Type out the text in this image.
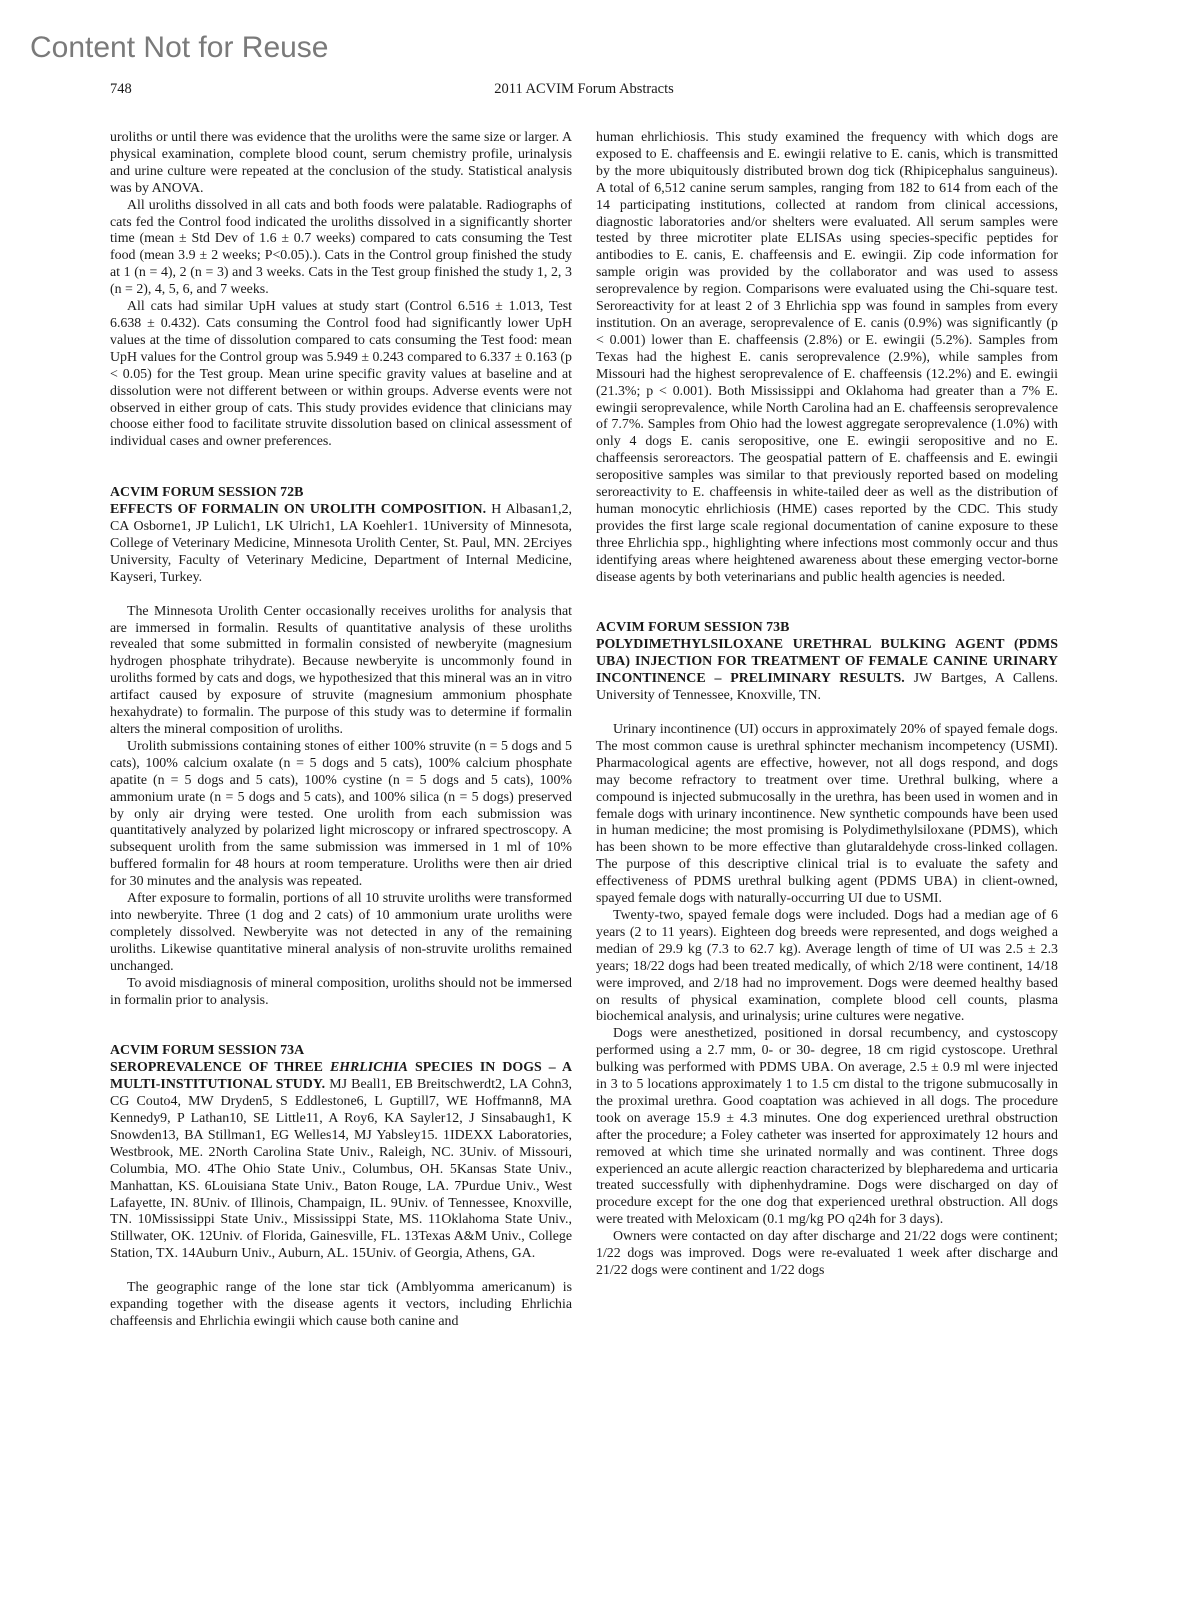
Content Not for Reuse
748	2011 ACVIM Forum Abstracts

uroliths or until there was evidence that the uroliths were the same size or larger. A physical examination, complete blood count, serum chemistry profile, urinalysis and urine culture were repeated at the conclusion of the study. Statistical analysis was by ANOVA.

All uroliths dissolved in all cats and both foods were palatable. Radiographs of cats fed the Control food indicated the uroliths dissolved in a significantly shorter time (mean ± Std Dev of 1.6 ± 0.7 weeks) compared to cats consuming the Test food (mean 3.9 ± 2 weeks; P<0.05).). Cats in the Control group finished the study at 1 (n = 4), 2 (n = 3) and 3 weeks. Cats in the Test group finished the study 1, 2, 3 (n = 2), 4, 5, 6, and 7 weeks.

All cats had similar UpH values at study start (Control 6.516 ± 1.013, Test 6.638 ± 0.432). Cats consuming the Control food had significantly lower UpH values at the time of dissolution compared to cats consuming the Test food: mean UpH values for the Control group was 5.949 ± 0.243 compared to 6.337 ± 0.163 (p < 0.05) for the Test group. Mean urine specific gravity values at baseline and at dissolution were not different between or within groups. Adverse events were not observed in either group of cats. This study provides evidence that clinicians may choose either food to facilitate struvite dissolution based on clinical assessment of individual cases and owner preferences.

ACVIM FORUM SESSION 72B
EFFECTS OF FORMALIN ON UROLITH COMPOSITION. H Albasan1,2, CA Osborne1, JP Lulich1, LK Ulrich1, LA Koehler1. 1University of Minnesota, College of Veterinary Medicine, Minnesota Urolith Center, St. Paul, MN. 2Erciyes University, Faculty of Veterinary Medicine, Department of Internal Medicine, Kayseri, Turkey.

The Minnesota Urolith Center occasionally receives uroliths for analysis that are immersed in formalin. Results of quantitative analysis of these uroliths revealed that some submitted in formalin consisted of newberyite (magnesium hydrogen phosphate trihydrate). Because newberyite is uncommonly found in uroliths formed by cats and dogs, we hypothesized that this mineral was an in vitro artifact caused by exposure of struvite (magnesium ammonium phosphate hexahydrate) to formalin. The purpose of this study was to determine if formalin alters the mineral composition of uroliths.

Urolith submissions containing stones of either 100% struvite (n = 5 dogs and 5 cats), 100% calcium oxalate (n = 5 dogs and 5 cats), 100% calcium phosphate apatite (n = 5 dogs and 5 cats), 100% cystine (n = 5 dogs and 5 cats), 100% ammonium urate (n = 5 dogs and 5 cats), and 100% silica (n = 5 dogs) preserved by only air drying were tested. One urolith from each submission was quantitatively analyzed by polarized light microscopy or infrared spectroscopy. A subsequent urolith from the same submission was immersed in 1 ml of 10% buffered formalin for 48 hours at room temperature. Uroliths were then air dried for 30 minutes and the analysis was repeated.

After exposure to formalin, portions of all 10 struvite uroliths were transformed into newberyite. Three (1 dog and 2 cats) of 10 ammonium urate uroliths were completely dissolved. Newberyite was not detected in any of the remaining uroliths. Likewise quantitative mineral analysis of non-struvite uroliths remained unchanged.

To avoid misdiagnosis of mineral composition, uroliths should not be immersed in formalin prior to analysis.

ACVIM FORUM SESSION 73A
SEROPREVALENCE OF THREE EHRLICHIA SPECIES IN DOGS – A MULTI-INSTITUTIONAL STUDY. MJ Beall1, EB Breitschwerdt2, LA Cohn3, CG Couto4, MW Dryden5, S Eddlestone6, L Guptill7, WE Hoffmann8, MA Kennedy9, P Lathan10, SE Little11, A Roy6, KA Sayler12, J Sinsabaugh1, K Snowden13, BA Stillman1, EG Welles14, MJ Yabsley15. 1IDEXX Laboratories, Westbrook, ME. 2North Carolina State Univ., Raleigh, NC. 3Univ. of Missouri, Columbia, MO. 4The Ohio State Univ., Columbus, OH. 5Kansas State Univ., Manhattan, KS. 6Louisiana State Univ., Baton Rouge, LA. 7Purdue Univ., West Lafayette, IN. 8Univ. of Illinois, Champaign, IL. 9Univ. of Tennessee, Knoxville, TN. 10Mississippi State Univ., Mississippi State, MS. 11Oklahoma State Univ., Stillwater, OK. 12Univ. of Florida, Gainesville, FL. 13Texas A&M Univ., College Station, TX. 14Auburn Univ., Auburn, AL. 15Univ. of Georgia, Athens, GA.

The geographic range of the lone star tick (Amblyomma americanum) is expanding together with the disease agents it vectors, including Ehrlichia chaffeensis and Ehrlichia ewingii which cause both canine and

human ehrlichiosis. This study examined the frequency with which dogs are exposed to E. chaffeensis and E. ewingii relative to E. canis, which is transmitted by the more ubiquitously distributed brown dog tick (Rhipicephalus sanguineus). A total of 6,512 canine serum samples, ranging from 182 to 614 from each of the 14 participating institutions, collected at random from clinical accessions, diagnostic laboratories and/or shelters were evaluated. All serum samples were tested by three microtiter plate ELISAs using species-specific peptides for antibodies to E. canis, E. chaffeensis and E. ewingii. Zip code information for sample origin was provided by the collaborator and was used to assess seroprevalence by region. Comparisons were evaluated using the Chi-square test. Seroreactivity for at least 2 of 3 Ehrlichia spp was found in samples from every institution. On an average, seroprevalence of E. canis (0.9%) was significantly (p < 0.001) lower than E. chaffeensis (2.8%) or E. ewingii (5.2%). Samples from Texas had the highest E. canis seroprevalence (2.9%), while samples from Missouri had the highest seroprevalence of E. chaffeensis (12.2%) and E. ewingii (21.3%; p < 0.001). Both Mississippi and Oklahoma had greater than a 7% E. ewingii seroprevalence, while North Carolina had an E. chaffeensis seroprevalence of 7.7%. Samples from Ohio had the lowest aggregate seroprevalence (1.0%) with only 4 dogs E. canis seropositive, one E. ewingii seropositive and no E. chaffeensis seroreactors. The geospatial pattern of E. chaffeensis and E. ewingii seropositive samples was similar to that previously reported based on modeling seroreactivity to E. chaffeensis in white-tailed deer as well as the distribution of human monocytic ehrlichiosis (HME) cases reported by the CDC. This study provides the first large scale regional documentation of canine exposure to these three Ehrlichia spp., highlighting where infections most commonly occur and thus identifying areas where heightened awareness about these emerging vector-borne disease agents by both veterinarians and public health agencies is needed.

ACVIM FORUM SESSION 73B
POLYDIMETHYLSILOXANE URETHRAL BULKING AGENT (PDMS UBA) INJECTION FOR TREATMENT OF FEMALE CANINE URINARY INCONTINENCE – PRELIMINARY RESULTS. JW Bartges, A Callens. University of Tennessee, Knoxville, TN.

Urinary incontinence (UI) occurs in approximately 20% of spayed female dogs. The most common cause is urethral sphincter mechanism incompetency (USMI). Pharmacological agents are effective, however, not all dogs respond, and dogs may become refractory to treatment over time. Urethral bulking, where a compound is injected submucosally in the urethra, has been used in women and in female dogs with urinary incontinence. New synthetic compounds have been used in human medicine; the most promising is Polydimethylsiloxane (PDMS), which has been shown to be more effective than glutaraldehyde cross-linked collagen. The purpose of this descriptive clinical trial is to evaluate the safety and effectiveness of PDMS urethral bulking agent (PDMS UBA) in client-owned, spayed female dogs with naturally-occurring UI due to USMI.

Twenty-two, spayed female dogs were included. Dogs had a median age of 6 years (2 to 11 years). Eighteen dog breeds were represented, and dogs weighed a median of 29.9 kg (7.3 to 62.7 kg). Average length of time of UI was 2.5 ± 2.3 years; 18/22 dogs had been treated medically, of which 2/18 were continent, 14/18 were improved, and 2/18 had no improvement. Dogs were deemed healthy based on results of physical examination, complete blood cell counts, plasma biochemical analysis, and urinalysis; urine cultures were negative.

Dogs were anesthetized, positioned in dorsal recumbency, and cystoscopy performed using a 2.7 mm, 0- or 30- degree, 18 cm rigid cystoscope. Urethral bulking was performed with PDMS UBA. On average, 2.5 ± 0.9 ml were injected in 3 to 5 locations approximately 1 to 1.5 cm distal to the trigone submucosally in the proximal urethra. Good coaptation was achieved in all dogs. The procedure took on average 15.9 ± 4.3 minutes. One dog experienced urethral obstruction after the procedure; a Foley catheter was inserted for approximately 12 hours and removed at which time she urinated normally and was continent. Three dogs experienced an acute allergic reaction characterized by blepharedema and urticaria treated successfully with diphenhydramine. Dogs were discharged on day of procedure except for the one dog that experienced urethral obstruction. All dogs were treated with Meloxicam (0.1 mg/kg PO q24h for 3 days).

Owners were contacted on day after discharge and 21/22 dogs were continent; 1/22 dogs was improved. Dogs were re-evaluated 1 week after discharge and 21/22 dogs were continent and 1/22 dogs
